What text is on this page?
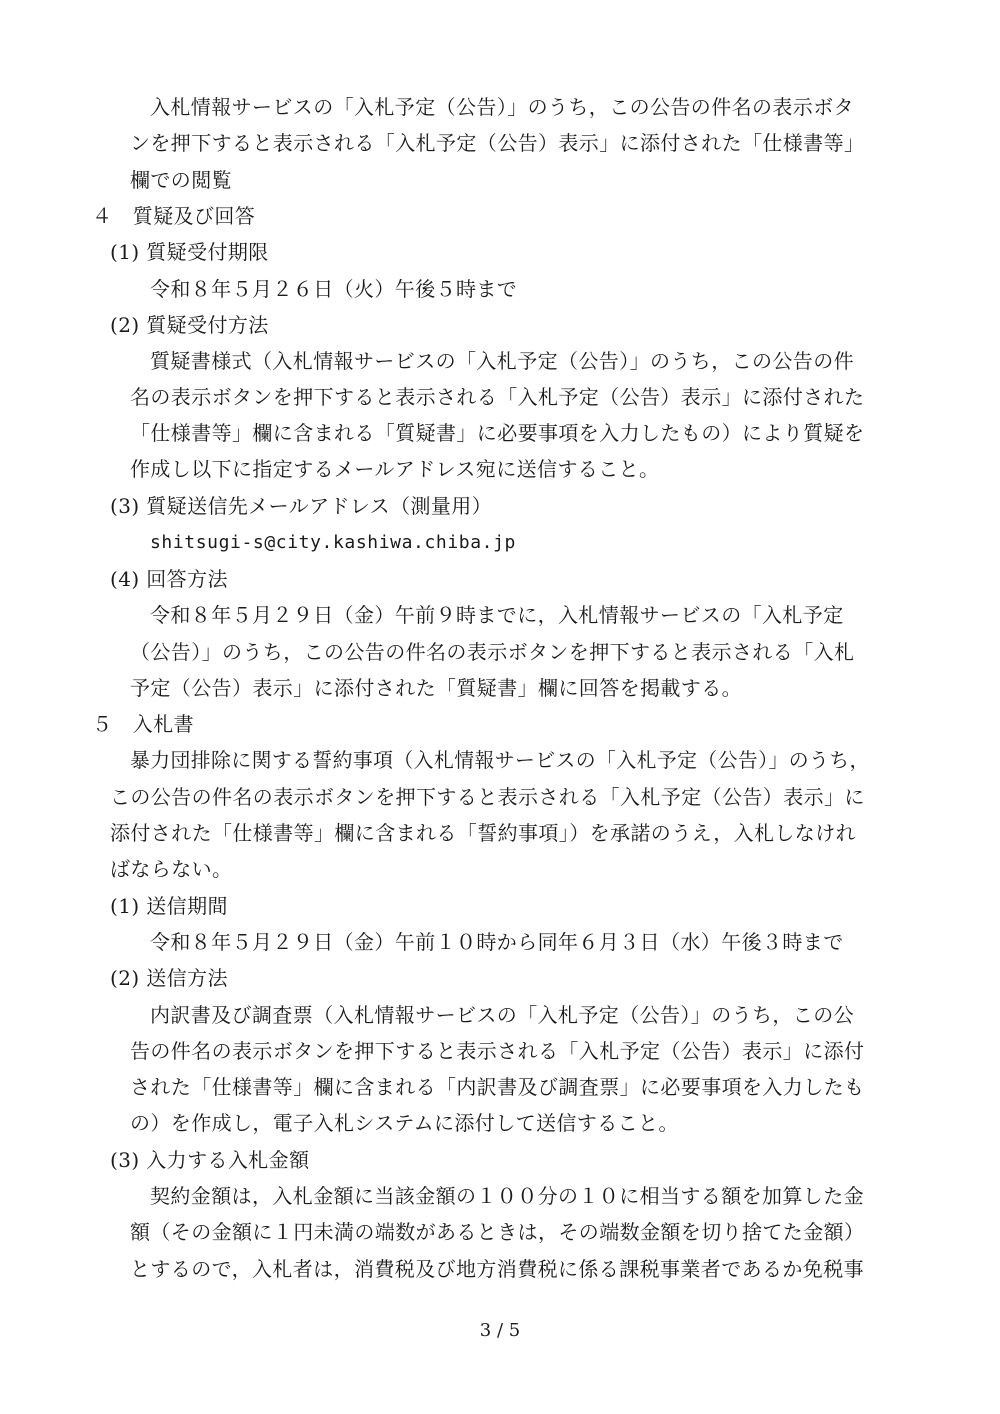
入札情報サービスの「入札予定（公告）」のうち，この公告の件名の表示ボタ
ンを押下すると表示される「入札予定（公告）表示」に添付された「仕様書等」
欄での閲覧
４　質疑及び回答
(1) 質疑受付期限
令和８年５月２６日（火）午後５時まで
(2) 質疑受付方法
質疑書様式（入札情報サービスの「入札予定（公告）」のうち，この公告の件
名の表示ボタンを押下すると表示される「入札予定（公告）表示」に添付された
「仕様書等」欄に含まれる「質疑書」に必要事項を入力したもの）により質疑を
作成し以下に指定するメールアドレス宛に送信すること。
(3) 質疑送信先メールアドレス（測量用）
shitsugi-s@city.kashiwa.chiba.jp
(4) 回答方法
令和８年５月２９日（金）午前９時までに，入札情報サービスの「入札予定
（公告）」のうち，この公告の件名の表示ボタンを押下すると表示される「入札
予定（公告）表示」に添付された「質疑書」欄に回答を掲載する。
５　入札書
暴力団排除に関する誓約事項（入札情報サービスの「入札予定（公告）」のうち，
この公告の件名の表示ボタンを押下すると表示される「入札予定（公告）表示」に
添付された「仕様書等」欄に含まれる「誓約事項」）を承諾のうえ，入札しなけれ
ばならない。
(1) 送信期間
令和８年５月２９日（金）午前１０時から同年６月３日（水）午後３時まで
(2) 送信方法
内訳書及び調査票（入札情報サービスの「入札予定（公告）」のうち，この公
告の件名の表示ボタンを押下すると表示される「入札予定（公告）表示」に添付
された「仕様書等」欄に含まれる「内訳書及び調査票」に必要事項を入力したも
の）を作成し，電子入札システムに添付して送信すること。
(3) 入力する入札金額
契約金額は，入札金額に当該金額の１００分の１０に相当する額を加算した金
額（その金額に１円未満の端数があるときは，その端数金額を切り捨てた金額）
とするので，入札者は，消費税及び地方消費税に係る課税事業者であるか免税事
3 / 5
